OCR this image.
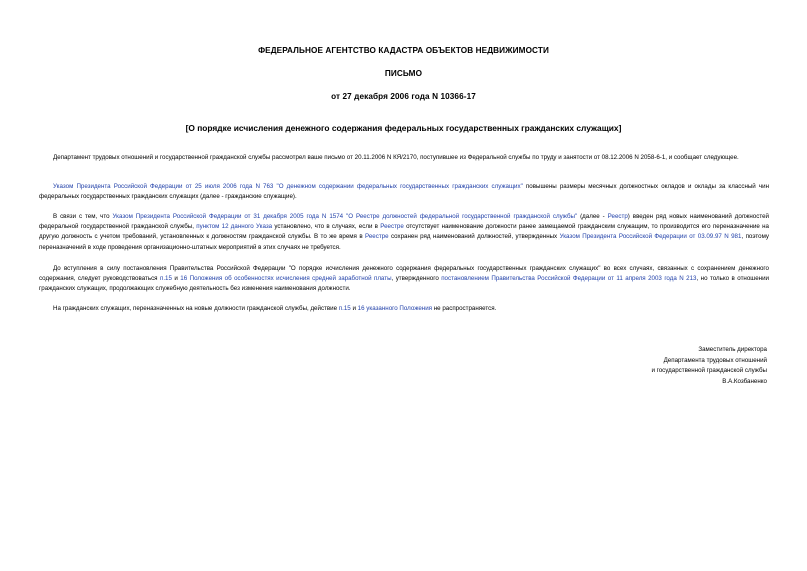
ФЕДЕРАЛЬНОЕ АГЕНТСТВО КАДАСТРА ОБЪЕКТОВ НЕДВИЖИМОСТИ
ПИСЬМО
от 27 декабря 2006 года N 10366-17
[О порядке исчисления денежного содержания федеральных государственных гражданских служащих]

Департамент трудовых отношений и государственной гражданской службы рассмотрел ваше письмо от 20.11.2006 N КЯ/2170, поступившее из Федеральной службы по труду и занятости от 08.12.2006 N 2058-6-1, и сообщает следующее.

Указом Президента Российской Федерации от 25 июля 2006 года N 763 "О денежном содержании федеральных государственных гражданских служащих" повышены размеры месячных должностных окладов и оклады за классный чин федеральных государственных гражданских служащих (далее - гражданские служащие).

В связи с тем, что Указом Президента Российской Федерации от 31 декабря 2005 года N 1574 "О Реестре должностей федеральной государственной гражданской службы" (далее - Реестр) введен ряд новых наименований должностей федеральной государственной гражданской службы, пунктом 12 данного Указа установлено, что в случаях, если в Реестре отсутствует наименование должности ранее замещаемой гражданским служащим, то производится его переназначение на другую должность с учетом требований, установленных к должностям гражданской службы. В то же время в Реестре сохранен ряд наименований должностей, утвержденных Указом Президента Российской Федерации от 03.09.97 N 981, поэтому переназначений в ходе проведения организационно-штатных мероприятий в этих случаях не требуется.

До вступления в силу постановления Правительства Российской Федерации "О порядке исчисления денежного содержания федеральных государственных гражданских служащих" во всех случаях, связанных с сохранением денежного содержания, следует руководствоваться п.15 и 16 Положения об особенностях исчисления средней заработной платы, утвержденного постановлением Правительства Российской Федерации от 11 апреля 2003 года N 213, но только в отношении гражданских служащих, продолжающих служебную деятельность без изменения наименования должности.

На гражданских служащих, переназначенных на новые должности гражданской службы, действие п.15 и 16 указанного Положения не распространяется.

Заместитель директора
Департамента трудовых отношений
и государственной гражданской службы
В.А.Козбаненко
